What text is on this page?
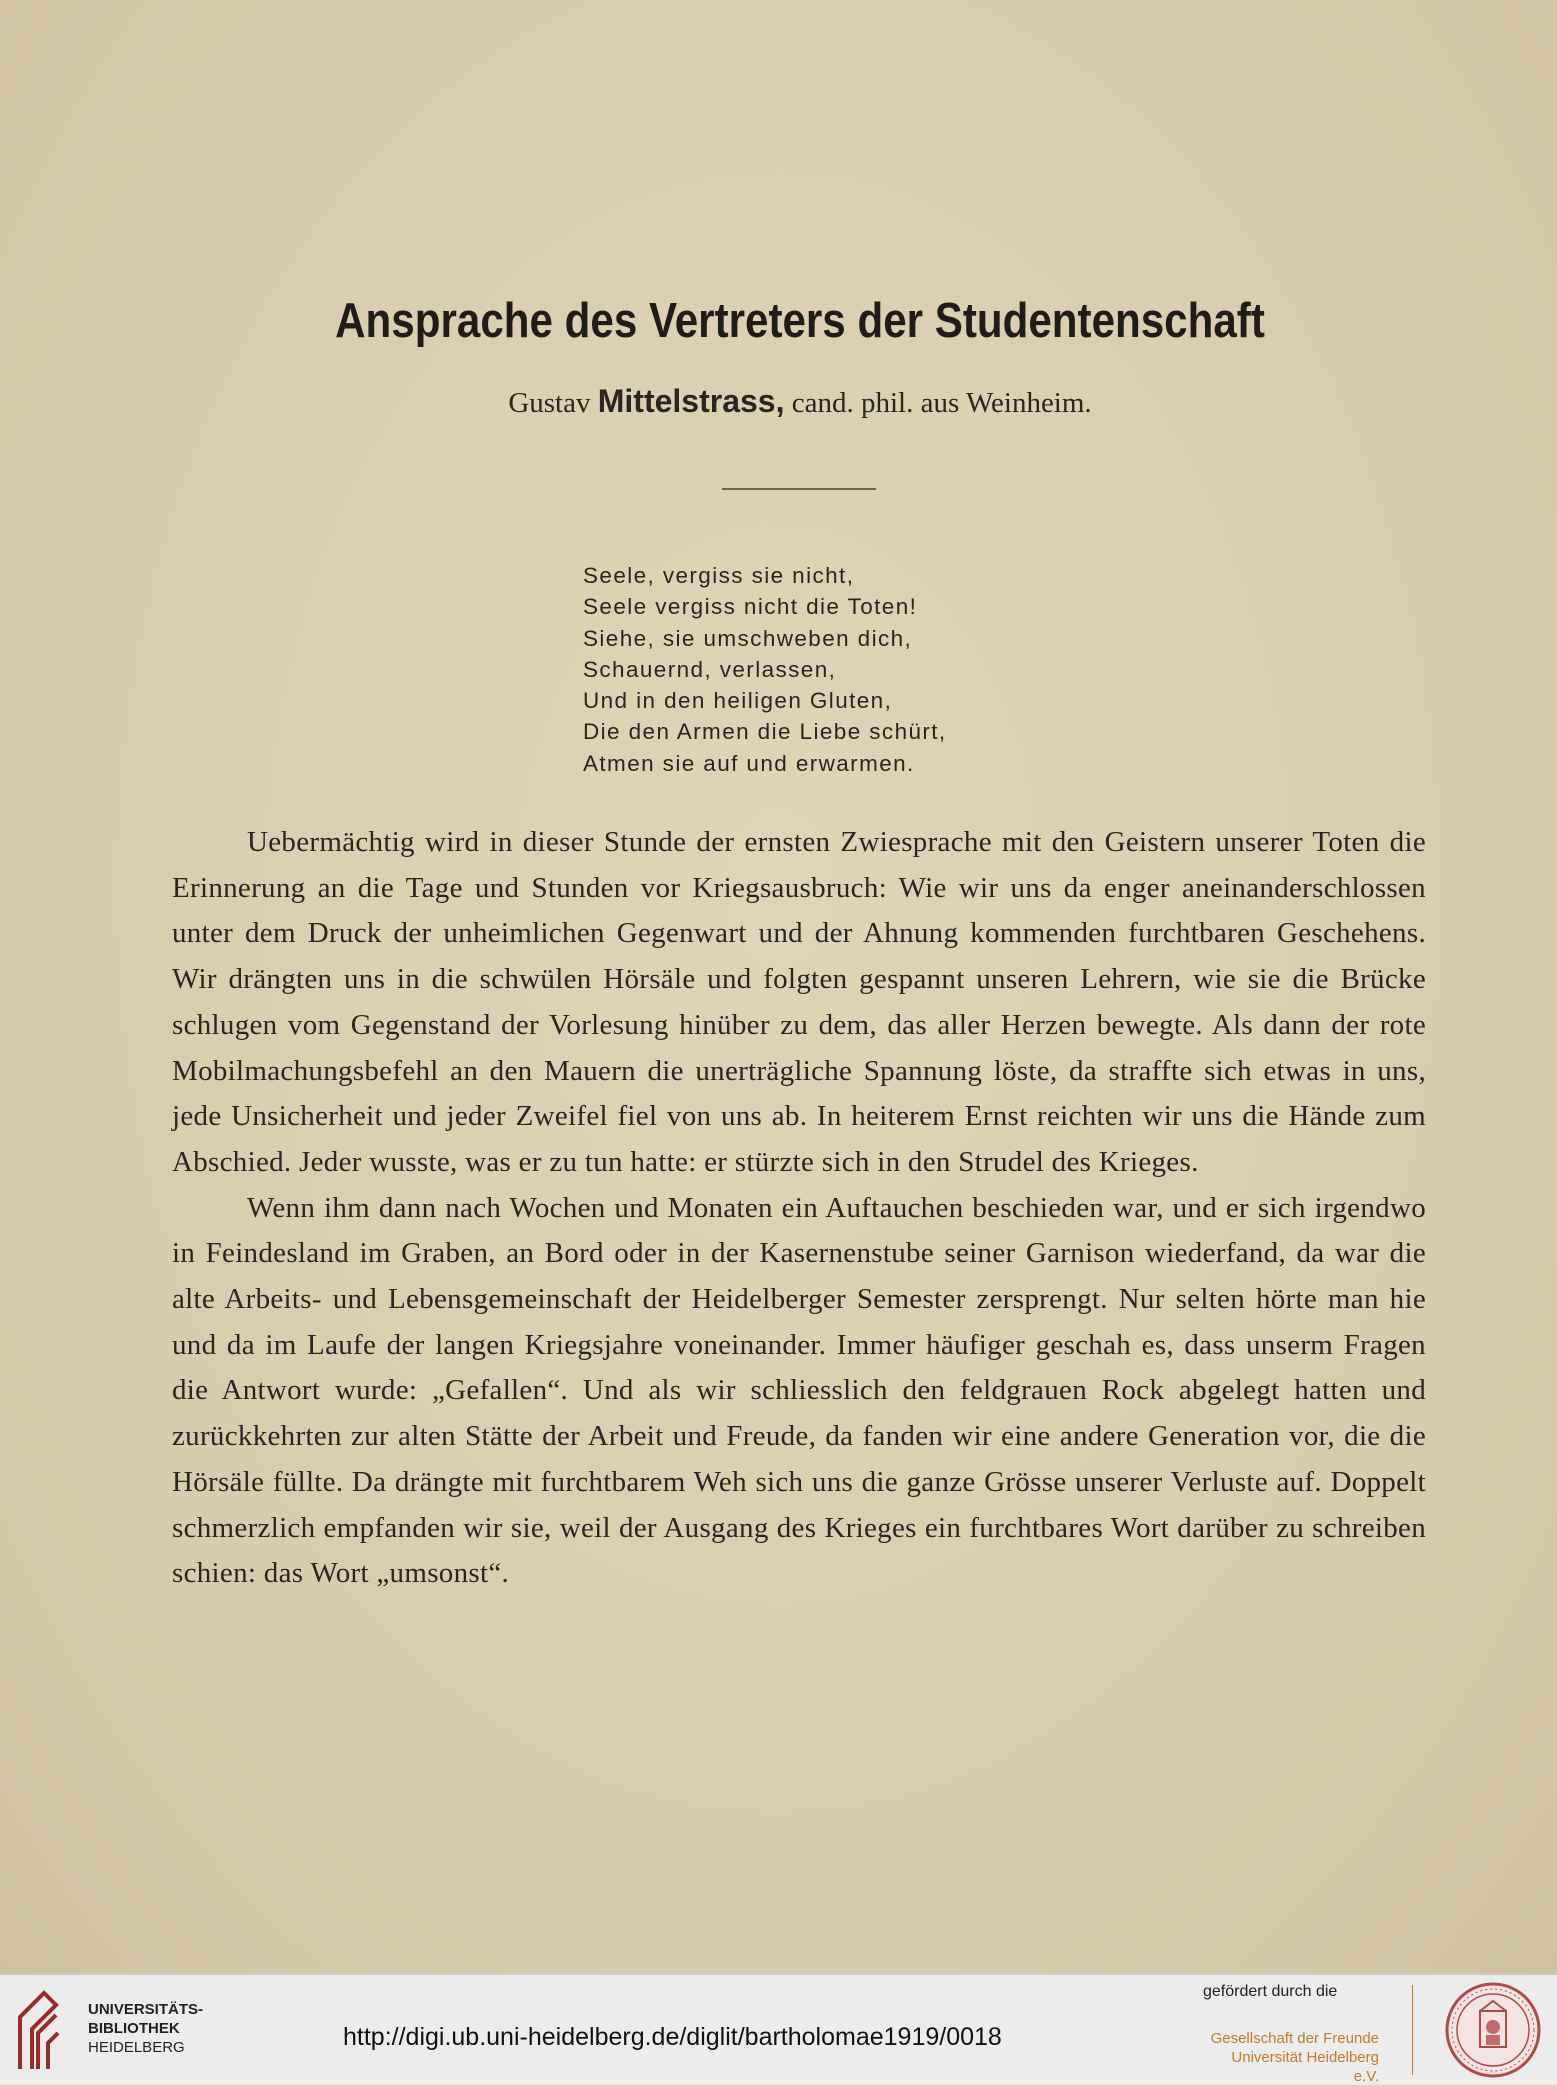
Ansprache des Vertreters der Studentenschaft
Gustav Mittelstrass, cand. phil. aus Weinheim.
Seele, vergiss sie nicht,
Seele vergiss nicht die Toten!
Siehe, sie umschweben dich,
Schauernd, verlassen,
Und in den heiligen Gluten,
Die den Armen die Liebe schürt,
Atmen sie auf und erwarmen.

Uebermächtig wird in dieser Stunde der ernsten Zwiesprache mit den Geistern unserer Toten die Erinnerung an die Tage und Stunden vor Kriegsausbruch: Wie wir uns da enger aneinanderschlossen unter dem Druck der unheimlichen Gegenwart und der Ahnung kommenden furchtbaren Geschehens. Wir drängten uns in die schwülen Hörsäle und folgten gespannt unseren Lehrern, wie sie die Brücke schlugen vom Gegenstand der Vorlesung hinüber zu dem, das aller Herzen bewegte. Als dann der rote Mobilmachungsbefehl an den Mauern die unerträgliche Spannung löste, da straffte sich etwas in uns, jede Unsicherheit und jeder Zweifel fiel von uns ab. In heiterem Ernst reichten wir uns die Hände zum Abschied. Jeder wusste, was er zu tun hatte: er stürzte sich in den Strudel des Krieges.

Wenn ihm dann nach Wochen und Monaten ein Auftauchen beschieden war, und er sich irgendwo in Feindesland im Graben, an Bord oder in der Kasernenstube seiner Garnison wiederfand, da war die alte Arbeits- und Lebensgemeinschaft der Heidelberger Semester zersprengt. Nur selten hörte man hie und da im Laufe der langen Kriegsjahre voneinander. Immer häufiger geschah es, dass unserm Fragen die Antwort wurde: „Gefallen“. Und als wir schliesslich den feldgrauen Rock abgelegt hatten und zurückkehrten zur alten Stätte der Arbeit und Freude, da fanden wir eine andere Generation vor, die die Hörsäle füllte. Da drängte mit furchtbarem Weh sich uns die ganze Grösse unserer Verluste auf. Doppelt schmerzlich empfanden wir sie, weil der Ausgang des Krieges ein furchtbares Wort darüber zu schreiben schien: das Wort „umsonst“.

UNIVERSITÄTS-
BIBLIOTHEK
HEIDELBERG	http://digi.ub.uni-heidelberg.de/diglit/bartholomae1919/0018
gefördert durch die
Gesellschaft der Freunde
Universität Heidelberg e.V.
